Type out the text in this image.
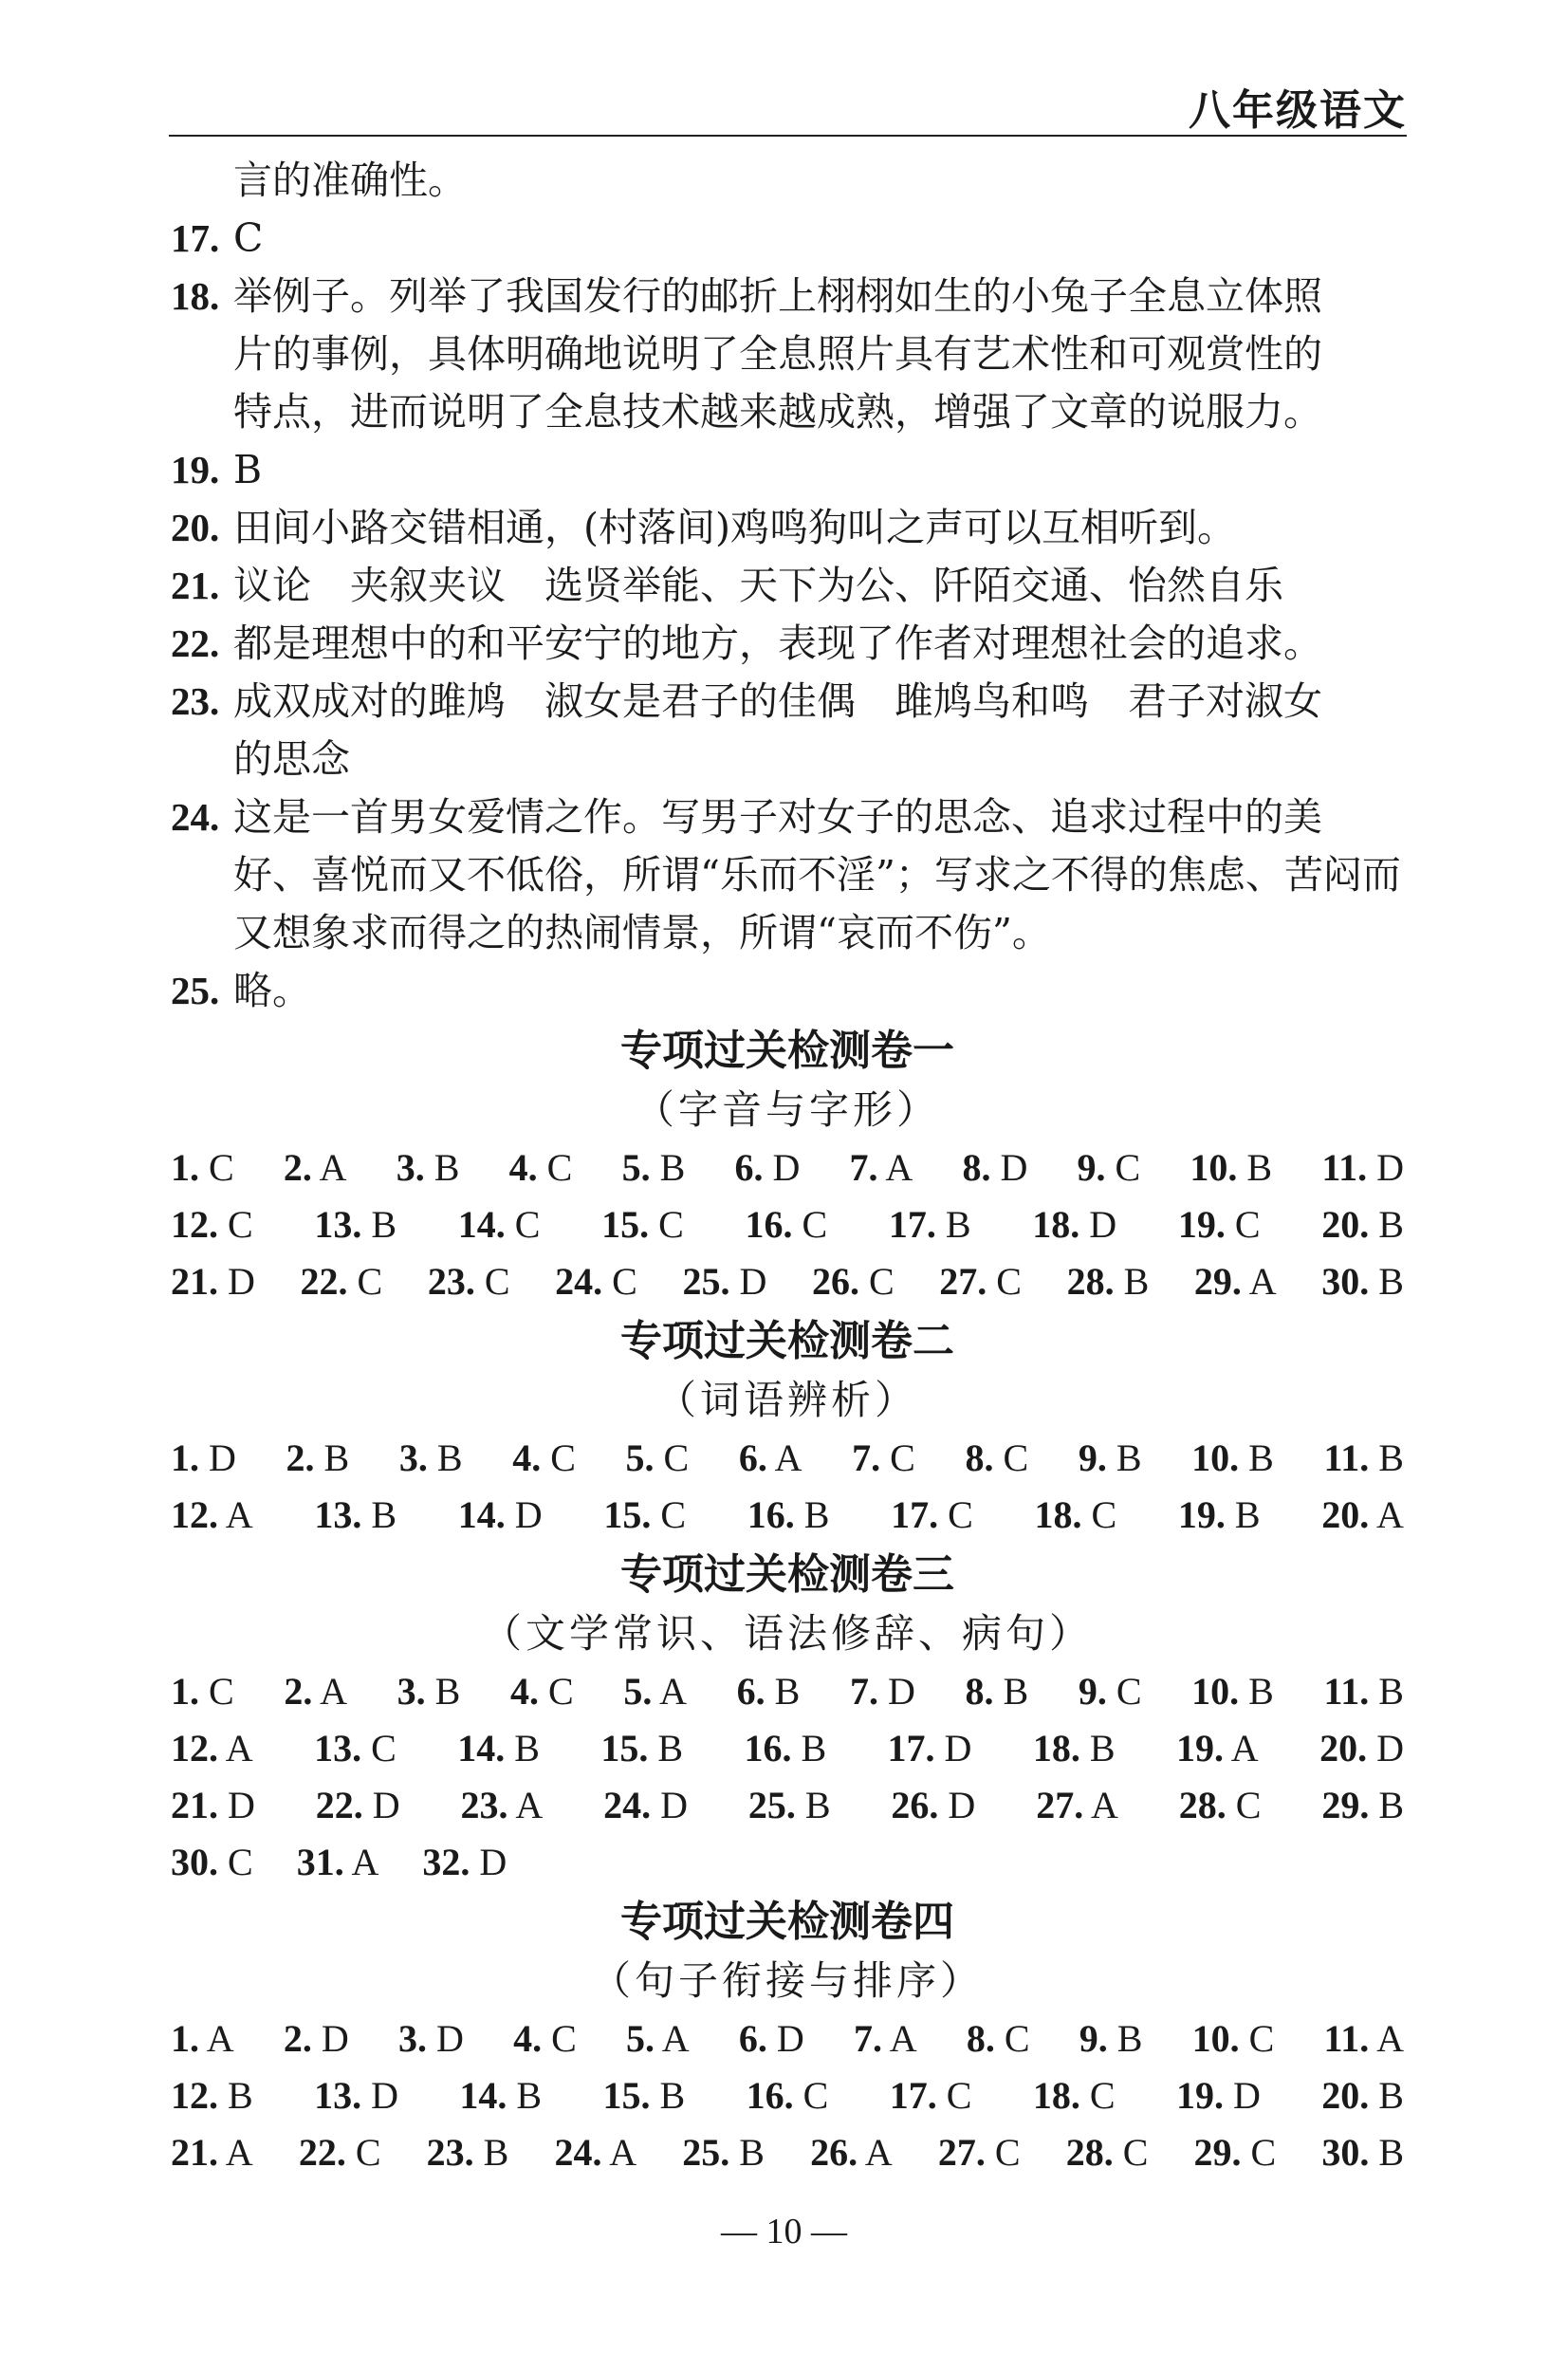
八年级语文
言的准确性。
17. C
18. 举例子。列举了我国发行的邮折上栩栩如生的小兔子全息立体照
片的事例，具体明确地说明了全息照片具有艺术性和可观赏性的
特点，进而说明了全息技术越来越成熟，增强了文章的说服力。
19. B
20. 田间小路交错相通，(村落间)鸡鸣狗叫之声可以互相听到。
21. 议论　夹叙夹议　选贤举能、天下为公、阡陌交通、怡然自乐
22. 都是理想中的和平安宁的地方，表现了作者对理想社会的追求。
23. 成双成对的雎鸠　淑女是君子的佳偶　雎鸠鸟和鸣　君子对淑女
的思念
24. 这是一首男女爱情之作。写男子对女子的思念、追求过程中的美
好、喜悦而又不低俗，所谓“乐而不淫”；写求之不得的焦虑、苦闷而
又想象求而得之的热闹情景，所谓“哀而不伤”。
25. 略。
专项过关检测卷一
（字音与字形）
1. C 2. A 3. B 4. C 5. B 6. D 7. A 8. D 9. C 10. B 11. D
12. C 13. B 14. C 15. C 16. C 17. B 18. D 19. C 20. B
21. D 22. C 23. C 24. C 25. D 26. C 27. C 28. B 29. A 30. B
专项过关检测卷二
（词语辨析）
1. D 2. B 3. B 4. C 5. C 6. A 7. C 8. C 9. B 10. B 11. B
12. A 13. B 14. D 15. C 16. B 17. C 18. C 19. B 20. A
专项过关检测卷三
（文学常识、语法修辞、病句）
1. C 2. A 3. B 4. C 5. A 6. B 7. D 8. B 9. C 10. B 11. B
12. A 13. C 14. B 15. B 16. B 17. D 18. B 19. A 20. D
21. D 22. D 23. A 24. D 25. B 26. D 27. A 28. C 29. B
30. C 31. A 32. D
专项过关检测卷四
（句子衔接与排序）
1. A 2. D 3. D 4. C 5. A 6. D 7. A 8. C 9. B 10. C 11. A
12. B 13. D 14. B 15. B 16. C 17. C 18. C 19. D 20. B
21. A 22. C 23. B 24. A 25. B 26. A 27. C 28. C 29. C 30. B
— 10 —
